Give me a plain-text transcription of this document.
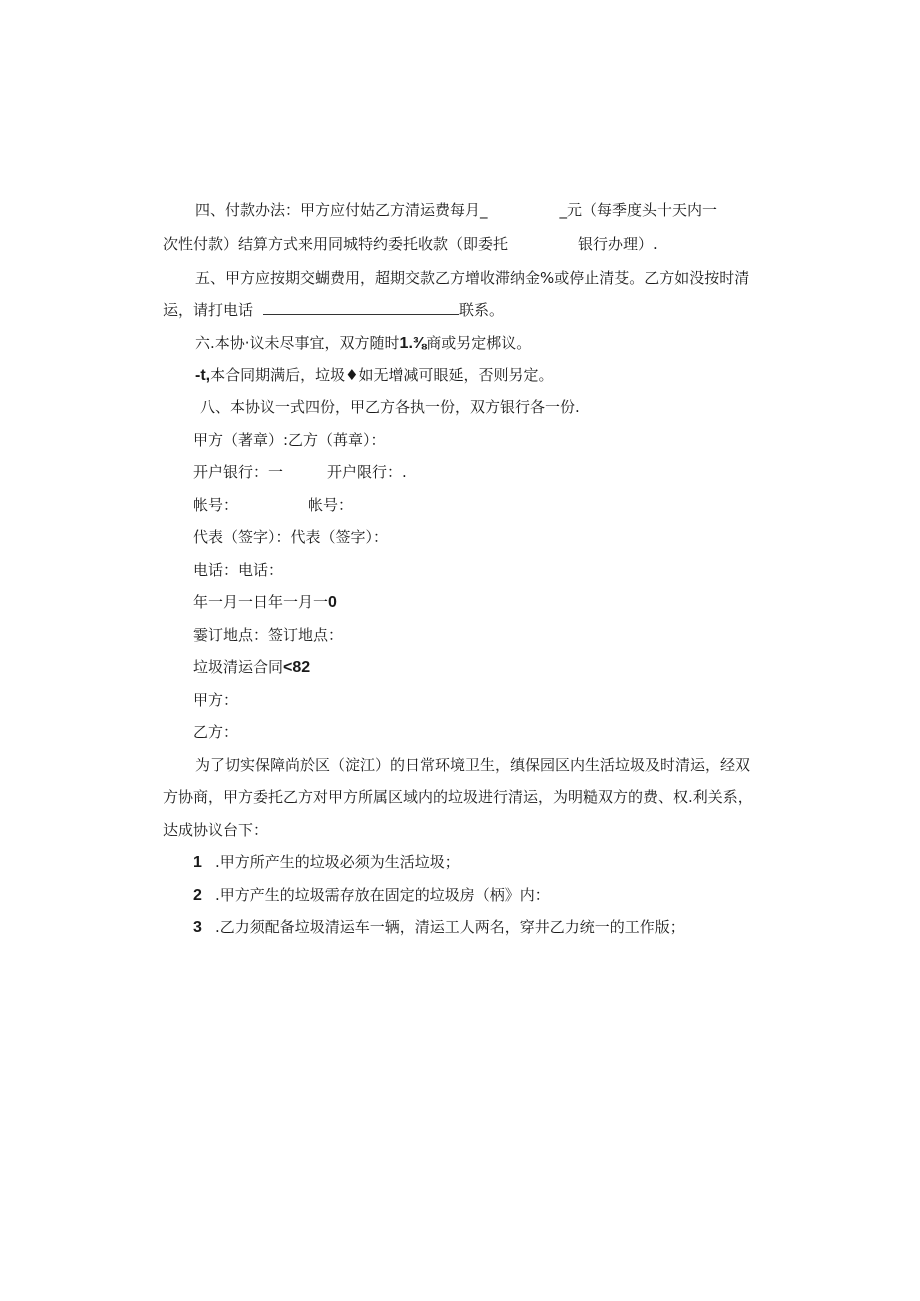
四、付款办法：甲方应付姑乙方清运费每月_	_元（每季度头十天内一
次性付款）结算方式来用同城特约委托收款（即委托	银行办理）.
五、甲方应按期交蝴费用，超期交款乙方增收滞纳金%或停止清芟。乙方如没按时清
运，请打电话	联系。
六.本协·议未尽事宜，双方随时1.⅜商或另定梆议。
-t,本合同期满后，垃圾♦如无增减可眼延，否则另定。
八、本协议一式四份，甲乙方各执一份，双方银行各一份.
甲方（著章）:乙方（苒章）：
开户银行：一	开户限行：.
帐号：	帐号：
代表（签字）：代表（签字）：
电话：电话：
年一月一日年一月一0
霎订地点：签订地点：
垃圾清运合同<82
甲方：
乙方：
为了切实保障尚於区（淀江）的日常环境卫生，缜保园区内生活垃圾及时清运，经双
方协商，甲方委托乙方对甲方所属区域内的垃圾进行清运，为明糙双方的费、权.利关系，
达成协议台下：
1 .甲方所产生的垃圾必须为生活垃圾；
2 .甲方产生的垃圾需存放在固定的垃圾房（柄》内：
3 .乙力须配备垃圾清运车一辆，清运工人两名，穿井乙力统一的工作版；
